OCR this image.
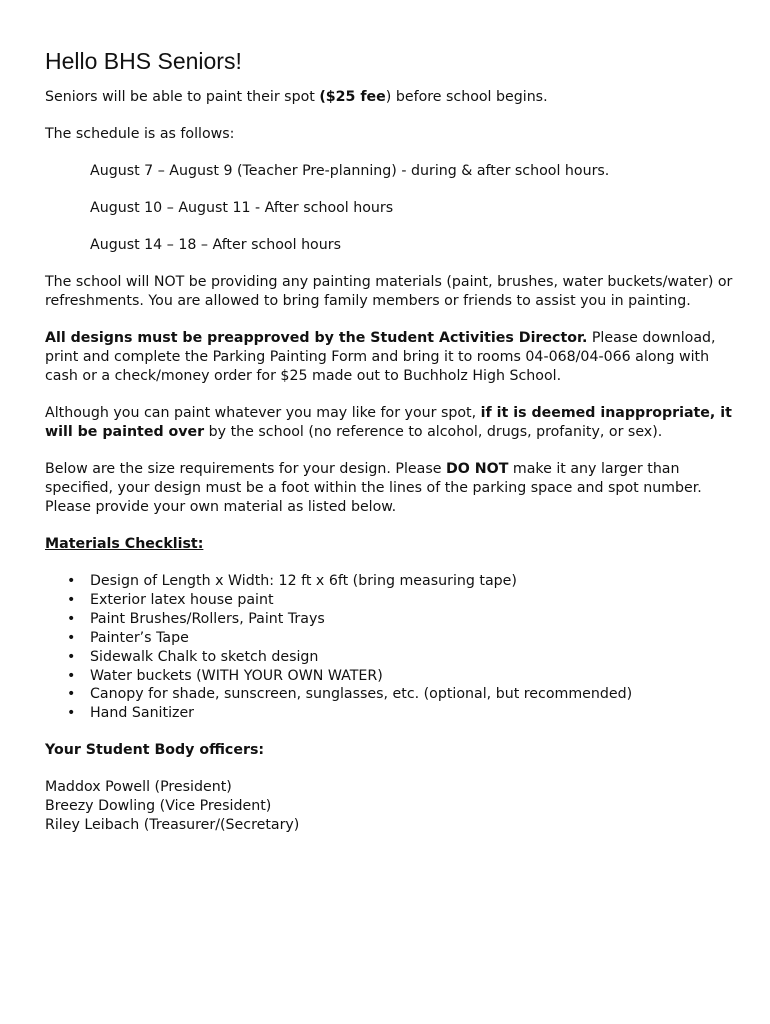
Hello BHS Seniors!

Seniors will be able to paint their spot ($25 fee) before school begins.

The schedule is as follows:

August 7 – August 9 (Teacher Pre-planning) - during & after school hours.

August 10 – August 11 - After school hours

August 14 – 18 – After school hours

The school will NOT be providing any painting materials (paint, brushes, water buckets/water) or refreshments. You are allowed to bring family members or friends to assist you in painting.

All designs must be preapproved by the Student Activities Director. Please download, print and complete the Parking Painting Form and bring it to rooms 04-068/04-066 along with cash or a check/money order for $25 made out to Buchholz High School.

Although you can paint whatever you may like for your spot, if it is deemed inappropriate, it will be painted over by the school (no reference to alcohol, drugs, profanity, or sex).

Below are the size requirements for your design. Please DO NOT make it any larger than specified, your design must be a foot within the lines of the parking space and spot number. Please provide your own material as listed below.

Materials Checklist:

• Design of Length x Width: 12 ft x 6ft (bring measuring tape)
• Exterior latex house paint
• Paint Brushes/Rollers, Paint Trays
• Painter’s Tape
• Sidewalk Chalk to sketch design
• Water buckets (WITH YOUR OWN WATER)
• Canopy for shade, sunscreen, sunglasses, etc. (optional, but recommended)
• Hand Sanitizer

Your Student Body officers:

Maddox Powell (President)

Breezy Dowling (Vice President)

Riley Leibach (Treasurer/(Secretary)
